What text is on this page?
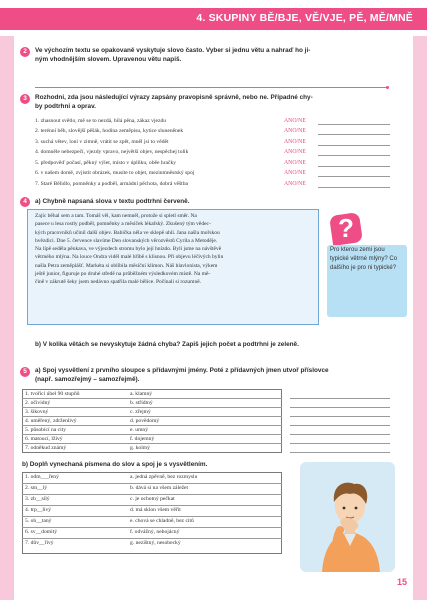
4. SKUPINY BĚ/BJE, VĚ/VJE, PĚ, MĚ/MNĚ
2	Ve výchozím textu se opakovaně vyskytuje slovo často. Vyber si jednu větu a nahraď ho ji-
ným vhodnějším slovem. Upravenou větu napiš.
3	Rozhodni, zda jsou následující výrazy zapsány pravopisně správně, nebo ne. Případné chy-
by podtrhni a oprav.
1. zhasnout světlo, mě se to nezdá, bílá pěna, zákaz vjezdu	ANO/NE
2. terénní běh, slovější pěšák, hodina zeměpisu, kytice sluneněnek	ANO/NE
3. suchá větev, loni v zimně, vrátit se zpět, mněl jsi to vědět	ANO/NE
4. domněle nebezpečí, vjezdy vpravo, největší objev, nespěchej tolik	ANO/NE
5. předpověď počasí, pěkný výlet, místo v úplňku, oběe hračky	ANO/NE
6. v našem domě, zvjistit obrázek, musíte to objet, mezinmněstský spoj	ANO/NE
7. Staré Bělidlo, pomněnky a podběl, armádní pěchota, dobrá věštba	ANO/NE
4	a) Chybně napsaná slova v textu podtrhni červeně.
Zajíc běhal sem a tam. Tomáš věl, kam nemněl, protože si spletl směr. Na
pasece u lesa rostly podběl, pomněnky a měsíček lékařský. Zkušený tým vědec-
kých pracovníků učinil další objev. Babička něla ve sklepě uhlí. Jana našla mořskou
hvězdici. Dne 5. července slavíme Den slovanských věrozvěstů Cyrila a Metoděje.
Na lípě seděla pěnkava, ve výjezdech stromu bylo její hnízdo. Byli jsme na návštěvě
větrného mlýna. Na louce Ondra viděl malé hříbě s klisnou. Při objevu léčivých bylin
našla Petra zeměplášť. Markéta si oblíbila měsíční klimon. Náš hlavlonista, výkem
ještě junior, figuruje po druhé středě na průběžném výsledkovém místě. Na mě-
čině v zákrutě šeky jsem nedávno spatřila malé bělice. Počínali si rozumně.
?
Pro kterou zemi jsou typické větrné mlýny? Co dalšího je pro ni typické?
b) V kolika větách se nevyskytuje žádná chyba? Zapiš jejich počet a podtrhni je zeleně.
5	a) Spoj vysvětlení z prvního sloupce s přídavnými jmény. Poté z přídavných jmen utvoř příslovce
(např. samozřejmý – samozřejmě).
1. tvořící úhel 90 stupňů	a. klamný
2. očividný	b. střídmý
3. šikovný	c. zřejmý
4. uměřený, zdrženlivý	d. povědomý
5. působící na city	e. umný
6. matoucí, lživý	f. dojemný
7. odněkud známý	g. kolmý
b) Doplň vynechaná písmena do slov a spoj je s vysvětlením.
1. odm___řený	a. jedná zpěvně, bez rozmyslu
2. sm__lý	b. dává si na všem záležet
3. zb__silý	c. je ochotný pečkat
4. trp__livý	d. má sklon všem věřit
5. oh__taný	e. chová se chladně, bez citů
6. sv__domitý	f. odvážný, nebojácný
7. dův__řivý	g. nezištný, nesobecký
15
